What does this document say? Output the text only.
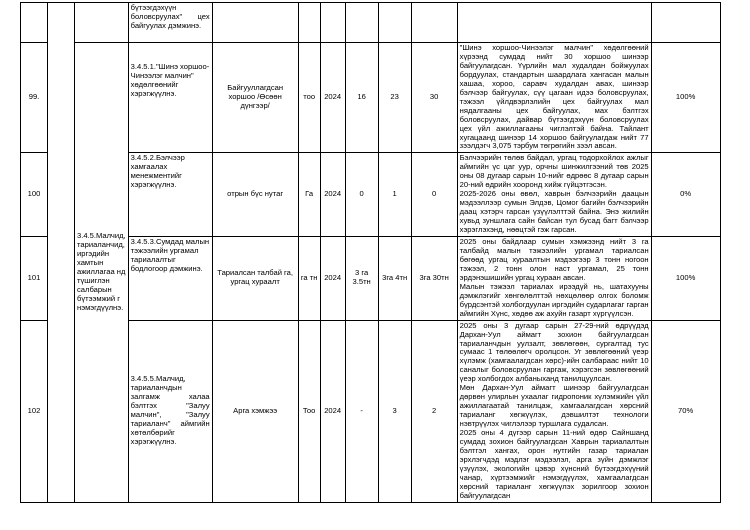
			бүтээгдэхүүн боловсруулах" цех байгуулах дэмжинэ.								
99.		3.4.5.Малчид, тариаланчид, иргэдийн хамтын ажиллагаа нд түшиглэн салбарын бүтээмжий г нэмэгдүүлнэ.	3.4.5.1."Шинэ хоршоо-Чинээлэг малчин" хөдөлгөөнийг хэрэгжүүлнэ.	Байгууллагдсан хоршоо /Өсөөн дүнгээр/	тоо	2024	16	23	30	"Шинэ хоршоо-Чинээлэг малчин" хөдөлгөөний хүрээнд сумдад нийт 30 хоршоо шинээр байгуулагдсан. Үүрлийн мал худалдан бойжуулах бордуулах, стандартын шаардлага хангасан малын хашаа, хороо, саравч худалдан авах, шинээр бэлчээр байгуулах, сүү цагаан идээ боловсруулах, тэжээл үйлдвэрлэлийн цех байгуулах мал нядалгааны цех байгуулах, мах бэлтгэх боловсруулах, дайвар бүтээгдэхүүн боловсруулах цех үйл ажиллагааны чиглэлтэй байна. Тайлант хугацаанд шинээр 14 хоршоо байгуулагдаж нийт 77 зээлдэгч 3,075 тэрбум төгрөгийн зээл авсан.	100%
100			3.4.5.2.Бэлчээр хамгаалах менежментийг хэрэгжүүлнэ.	отрын бүс нутаг	Га	2024	0	1	0	Бэлчээрийн төлөв байдал, ургац тодорхойлох ажлыг аймгийн үс цаг уур, орчны шинжилгээний төв 2025 оны 08 дугаар сарын 10-нийг өдрөөс 8 дугаар сарын 20-ний өдрийн хооронд хийж гүйцэтгэсэн.
2025-2026 оны өвөл, хаврын бэлчээрийн даацын мэдээллээр сумын Элдэв, Цомог багийн бэлчээрийн даац хэтэрч гарсан үзүүлэлттэй байна. Энэ жилийн хувьд зуншлага сайн байсан тул бусад багт бэлчээр хэрэглэхэнд, нөөцтэй гэж гарсан.	0%
101			3.4.5.3.Сумдад малын тэжээлийн ургамал тариалалтыг бодлогоор дэмжинэ.	Тариалсан талбай га, ургац хураалт	га тн	2024	3 га 3.5тн	3га 4тн	3га 30тн	2025 оны байдлаар сумын хэмжээнд нийт 3 га талбайд малын тэжээлийн ургамал тариалсан бөгөөд ургац хураалтын мэдээгээр 3 тонн ногоон тэжээл, 2 тонн олон наст ургамал, 25 тонн эрдэнэшишийн ургац хураан авсан.
Малын тэжээл тариалах ирээдүй нь, шатахууны дэмжлэгийг хөнгөлөлттэй нөхцөлөөр олгох боломж бүрдсэнтэй холбогдуулан иргэдийн сударлагаг гарган аймгийн Хүнс, хөдөө аж ахуйн газарт хүргүүлсэн.	100%
102			3.4.5.5.Малчид, тариаланчдын залгамж халаа бэлтгэх "Залуу малчин", "Залуу тариаланч" аймгийн хөтөлбөрийг хэрэгжүүлнэ.	Арга хэмжээ	Тоо	2024	-	3	2	2025 оны 3 дугаар сарын 27-29-ний өдрүүдэд Дархан-Уул аймагт зохион байгуулагдсан тариаланчдын уулзалт, зөвлөгөөн, сургалтад тус сумаас 1 төлөөлөгч оролцсон. Уг зөвлөгөөний үеэр хүлэмж (хамгаалагдсан хөрс)-ийн салбараас нийт 10 саналыг боловсруулан гаргаж, хэрэгсэн зөвлөгөөний үеэр холбогдох албаныханд танилцуулсан.
Мөн Дархан-Уул аймагт шинээр байгуулагдсан дөрвөн улирлын ухаалаг гидропоник хүлэмжийн үйл ажиллагаатай танилцаж, хамгаалагдсан хөрсний тариаланг хөгжүүлэх, дэвшилтэт технологи нэвтрүүлэх чиглэлээр туршлага судалсан.
2025 оны 4 дүгээр сарын 11-ний өдөр Сайншанд сумдад зохион байгуулагдсан Хаврын тариалалтын бэлтгэл хангах, орон нутгийн газар тариалан эрхлэгчдэд мэдлэг мэдээлэл, арга зүйн дэмжлэг үзүүлэх, экологийн цэвэр хүнсний бүтээгдэхүүний чанар, хүртээмжийг нэмэгдүүлэх, хамгаалагдсан хөрсний тариаланг хөгжүүлэх зорилгоор зохион байгуулагдсан	70%
